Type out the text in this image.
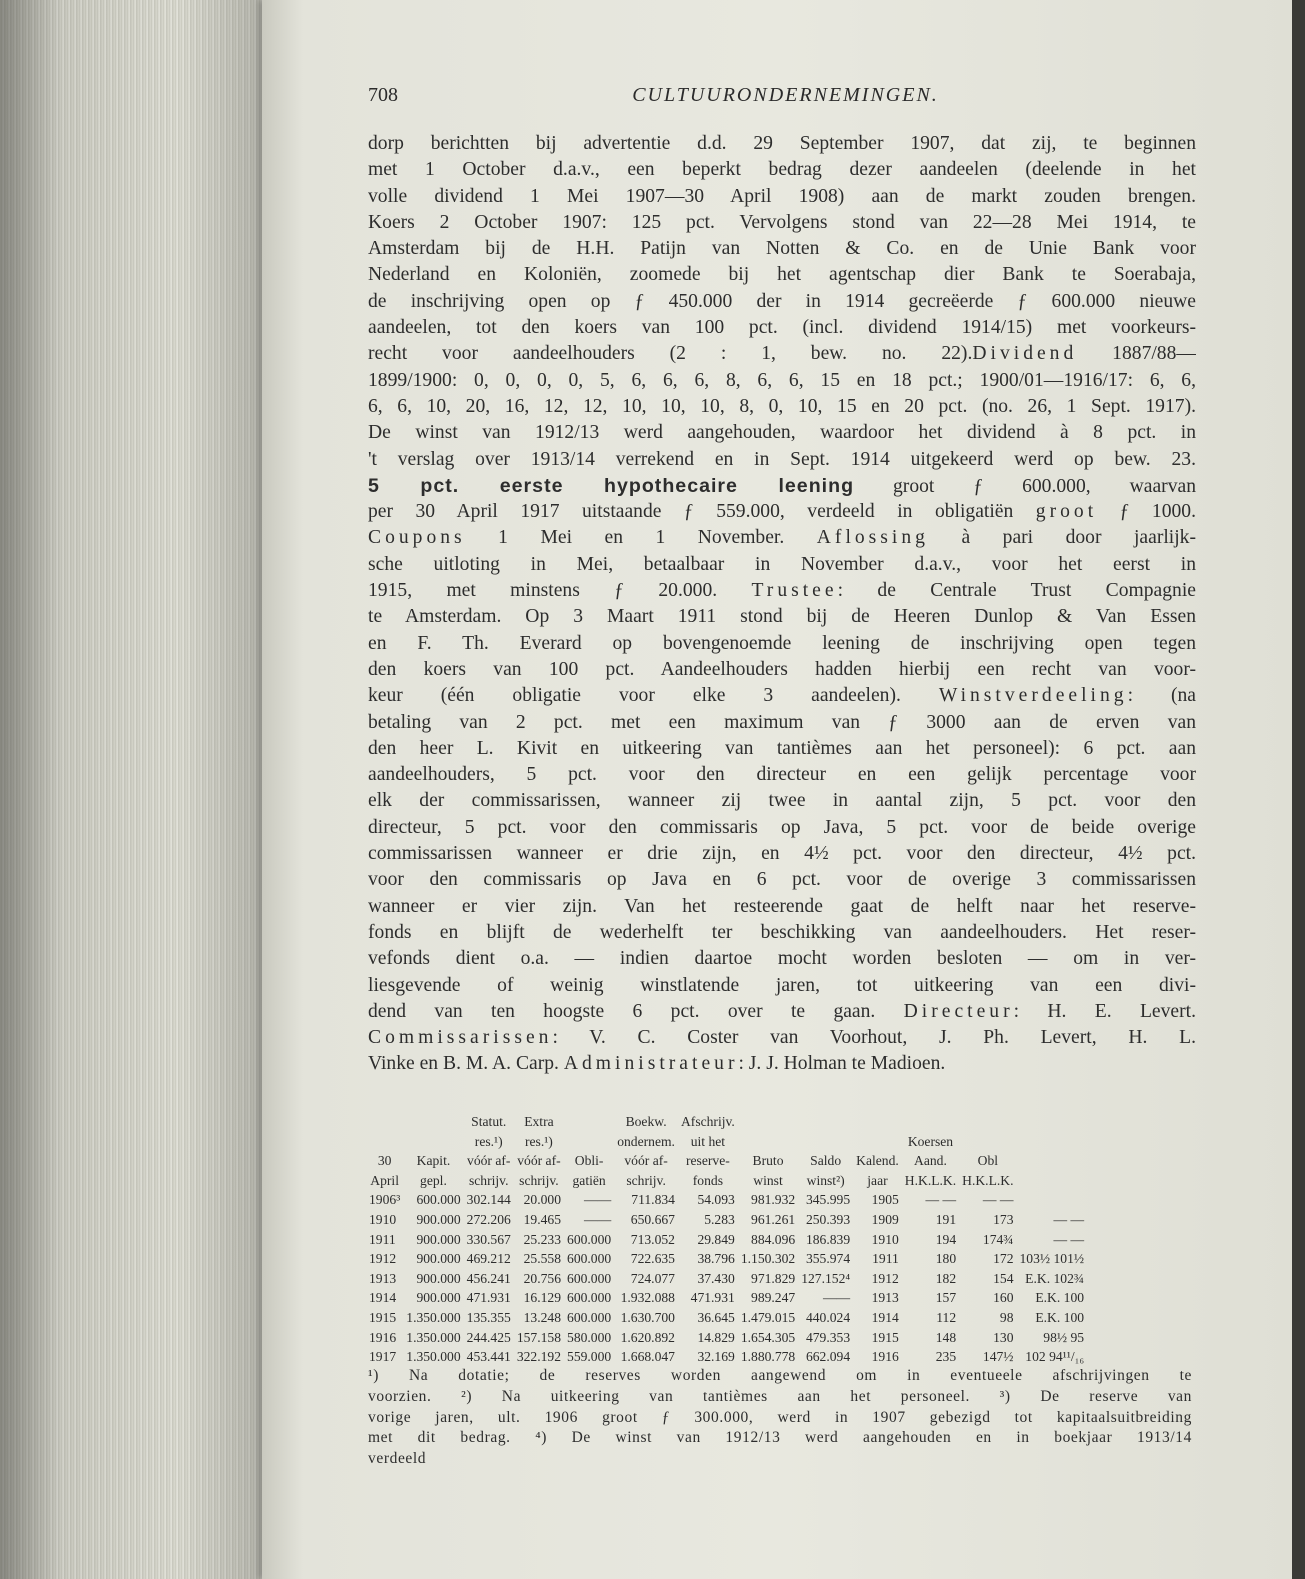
CULTUURONDERNEMINGEN.
708
dorp berichtten bij advertentie d.d. 29 September 1907, dat zij, te beginnen
met 1 October d.a.v., een beperkt bedrag dezer aandeelen (deelende in het
volle dividend 1 Mei 1907—30 April 1908) aan de markt zouden brengen.
Koers 2 October 1907: 125 pct. Vervolgens stond van 22—28 Mei 1914, te
Amsterdam bij de H.H. Patijn van Notten & Co. en de Unie Bank voor
Nederland en Koloniën, zoomede bij het agentschap dier Bank te Soerabaja,
de inschrijving open op ƒ 450.000 der in 1914 gecreëerde ƒ 600.000 nieuwe
aandeelen, tot den koers van 100 pct. (incl. dividend 1914/15) met voorkeurs-
recht voor aandeelhouders (2 : 1, bew. no. 22).Dividend 1887/88—
1899/1900: 0, 0, 0, 0, 5, 6, 6, 6, 8, 6, 6, 15 en 18 pct.; 1900/01—1916/17: 6, 6,
6, 6, 10, 20, 16, 12, 12, 10, 10, 10, 8, 0, 10, 15 en 20 pct. (no. 26, 1 Sept. 1917).
De winst van 1912/13 werd aangehouden, waardoor het dividend à 8 pct. in
't verslag over 1913/14 verrekend en in Sept. 1914 uitgekeerd werd op bew. 23.
5 pct. eerste hypothecaire leening groot ƒ 600.000, waarvan
per 30 April 1917 uitstaande ƒ 559.000, verdeeld in obligatiën groot ƒ 1000.
Coupons 1 Mei en 1 November. Aflossing à pari door jaarlijk-
sche uitloting in Mei, betaalbaar in November d.a.v., voor het eerst in
1915, met minstens ƒ 20.000. Trustee: de Centrale Trust Compagnie
te Amsterdam. Op 3 Maart 1911 stond bij de Heeren Dunlop & Van Essen
en F. Th. Everard op bovengenoemde leening de inschrijving open tegen
den koers van 100 pct. Aandeelhouders hadden hierbij een recht van voor-
keur (één obligatie voor elke 3 aandeelen). Winstverdeeling: (na
betaling van 2 pct. met een maximum van ƒ 3000 aan de erven van
den heer L. Kivit en uitkeering van tantièmes aan het personeel): 6 pct. aan
aandeelhouders, 5 pct. voor den directeur en een gelijk percentage voor
elk der commissarissen, wanneer zij twee in aantal zijn, 5 pct. voor den
directeur, 5 pct. voor den commissaris op Java, 5 pct. voor de beide overige
commissarissen wanneer er drie zijn, en 4½ pct. voor den directeur, 4½ pct.
voor den commissaris op Java en 6 pct. voor de overige 3 commissarissen
wanneer er vier zijn. Van het resteerende gaat de helft naar het reserve-
fonds en blijft de wederhelft ter beschikking van aandeelhouders. Het reser-
vefonds dient o.a. — indien daartoe mocht worden besloten — om in ver-
liesgevende of weinig winstlatende jaren, tot uitkeering van een divi-
dend van ten hoogste 6 pct. over te gaan. Directeur: H. E. Levert.
Commissarissen: V. C. Coster van Voorhout, J. Ph. Levert, H. L.
Vinke en B. M. A. Carp. Administrateur: J. J. Holman te Madioen.
		Statut.	Extra		Boekw.	Afschrijv.						
		res.¹)	res.¹)		ondernem.	uit het				Koersen		
30	Kapit.	vóór af-	vóór af-	Obli-	vóór af-	reserve-	Bruto	Saldo	Kalend.	Aand.	Obl	
April	gepl.	schrijv.	schrijv.	gatiën	schrijv.	fonds	winst	winst²)	jaar	H.K.L.K.	H.K.L.K.	
1906³	600.000	302.144	20.000	——	711.834	54.093	981.932	345.995	1905	— —	— —	
1910	900.000	272.206	19.465	——	650.667	5.283	961.261	250.393	1909	191	173	— —
1911	900.000	330.567	25.233	600.000	713.052	29.849	884.096	186.839	1910	194	174¾	— —
1912	900.000	469.212	25.558	600.000	722.635	38.796	1.150.302	355.974	1911	180	172	103½ 101½
1913	900.000	456.241	20.756	600.000	724.077	37.430	971.829	127.152⁴	1912	182	154	E.K. 102¾
1914	900.000	471.931	16.129	600.000	1.932.088	471.931	989.247	——	1913	157	160	E.K. 100
1915	1.350.000	135.355	13.248	600.000	1.630.700	36.645	1.479.015	440.024	1914	112	98	E.K. 100
1916	1.350.000	244.425	157.158	580.000	1.620.892	14.829	1.654.305	479.353	1915	148	130	98½ 95
1917	1.350.000	453.441	322.192	559.000	1.668.047	32.169	1.880.778	662.094	1916	235	147½	102 94¹¹/₁₆
¹) Na dotatie; de reserves worden aangewend om in eventueele afschrijvingen te
voorzien. ²) Na uitkeering van tantièmes aan het personeel. ³) De reserve van
vorige jaren, ult. 1906 groot ƒ 300.000, werd in 1907 gebezigd tot kapitaalsuitbreiding
met dit bedrag. ⁴) De winst van 1912/13 werd aangehouden en in boekjaar 1913/14
verdeeld
